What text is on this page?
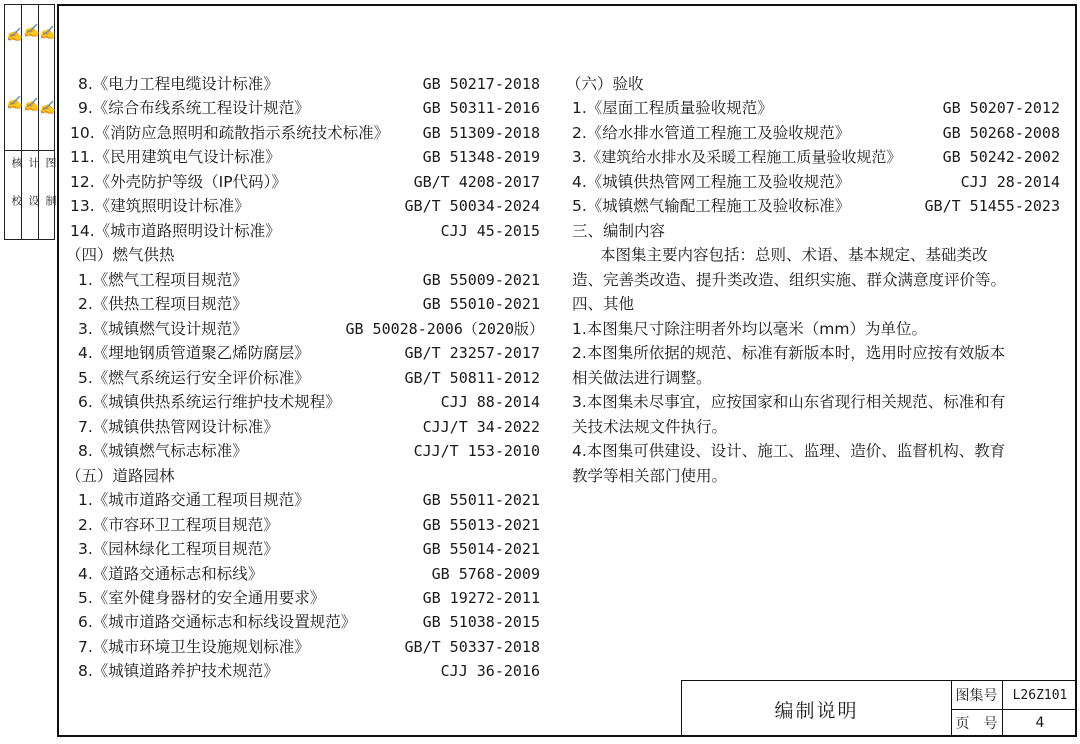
✍ ✍ ✍
✍ ✍ ✍
校 设 制
核 计 图
8.《电力工程电缆设计标准》	GB 50217-2018
9.《综合布线系统工程设计规范》	GB 50311-2016
10.《消防应急照明和疏散指示系统技术标准》	GB 51309-2018
11.《民用建筑电气设计标准》	GB 51348-2019
12.《外壳防护等级（IP代码）》	GB/T 4208-2017
13.《建筑照明设计标准》	GB/T 50034-2024
14.《城市道路照明设计标准》	CJJ 45-2015
（四）燃气供热
1.《燃气工程项目规范》	GB 55009-2021
2.《供热工程项目规范》	GB 55010-2021
3.《城镇燃气设计规范》	GB 50028-2006（2020版）
4.《埋地钢质管道聚乙烯防腐层》	GB/T 23257-2017
5.《燃气系统运行安全评价标准》	GB/T 50811-2012
6.《城镇供热系统运行维护技术规程》	CJJ 88-2014
7.《城镇供热管网设计标准》	CJJ/T 34-2022
8.《城镇燃气标志标准》	CJJ/T 153-2010
（五）道路园林
1.《城市道路交通工程项目规范》	GB 55011-2021
2.《市容环卫工程项目规范》	GB 55013-2021
3.《园林绿化工程项目规范》	GB 55014-2021
4.《道路交通标志和标线》	GB 5768-2009
5.《室外健身器材的安全通用要求》	GB 19272-2011
6.《城市道路交通标志和标线设置规范》	GB 51038-2015
7.《城市环境卫生设施规划标准》	GB/T 50337-2018
8.《城镇道路养护技术规范》	CJJ 36-2016
（六）验收
1.《屋面工程质量验收规范》	GB 50207-2012
2.《给水排水管道工程施工及验收规范》	GB 50268-2008
3.《建筑给水排水及采暖工程施工质量验收规范》	GB 50242-2002
4.《城镇供热管网工程施工及验收规范》	CJJ 28-2014
5.《城镇燃气输配工程施工及验收标准》	GB/T 51455-2023
三、编制内容
本图集主要内容包括：总则、术语、基本规定、基础类改
造、完善类改造、提升类改造、组织实施、群众满意度评价等。
四、其他
1.本图集尺寸除注明者外均以毫米（mm）为单位。
2.本图集所依据的规范、标准有新版本时，选用时应按有效版本
相关做法进行调整。
3.本图集未尽事宜，应按国家和山东省现行相关规范、标准和有
关技术法规文件执行。
4.本图集可供建设、设计、施工、监理、造价、监督机构、教育
教学等相关部门使用。
编制说明
图集号	L26Z101
页　号	4
